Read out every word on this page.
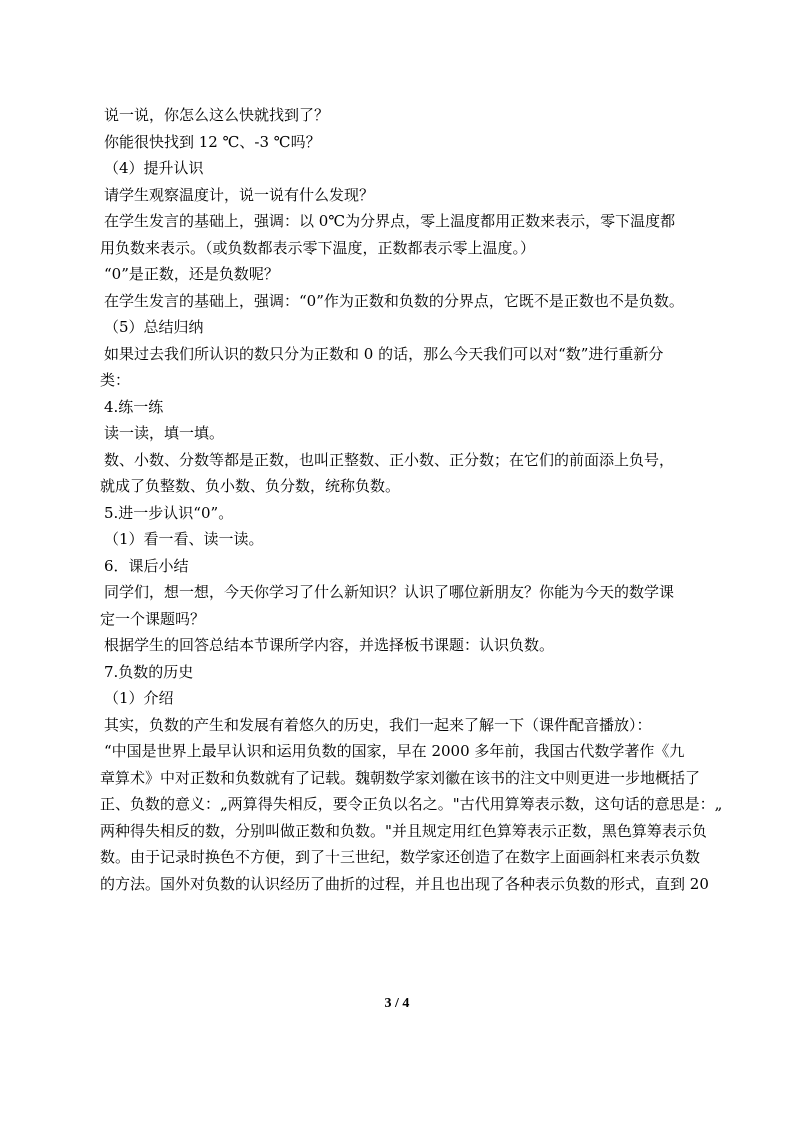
说一说，你怎么这么快就找到了？

你能很快找到 12 ℃、-3 ℃吗？

（4）提升认识

请学生观察温度计，说一说有什么发现？

在学生发言的基础上，强调：以 0℃为分界点，零上温度都用正数来表示，零下温度都

用负数来表示。（或负数都表示零下温度，正数都表示零上温度。）

“0”是正数，还是负数呢？

在学生发言的基础上，强调：“0”作为正数和负数的分界点，它既不是正数也不是负数。

（5）总结归纳

如果过去我们所认识的数只分为正数和 0 的话，那么今天我们可以对“数”进行重新分

类：

4.练一练

读一读，填一填。

数、小数、分数等都是正数，也叫正整数、正小数、正分数；在它们的前面添上负号，

就成了负整数、负小数、负分数，统称负数。

5.进一步认识“0”。

（1）看一看、读一读。

6．课后小结

同学们，想一想，今天你学习了什么新知识？认识了哪位新朋友？你能为今天的数学课

定一个课题吗？

根据学生的回答总结本节课所学内容，并选择板书课题：认识负数。

7.负数的历史

（1）介绍

其实，负数的产生和发展有着悠久的历史，我们一起来了解一下（课件配音播放）：

“中国是世界上最早认识和运用负数的国家，早在 2000 多年前，我国古代数学著作《九

章算术》中对正数和负数就有了记载。魏朝数学家刘徽在该书的注文中则更进一步地概括了

正、负数的意义：„两算得失相反，要令正负以名之。"古代用算筹表示数，这句话的意思是：„

两种得失相反的数，分别叫做正数和负数。"并且规定用红色算筹表示正数，黑色算筹表示负

数。由于记录时换色不方便，到了十三世纪，数学家还创造了在数字上面画斜杠来表示负数

的方法。国外对负数的认识经历了曲折的过程，并且也出现了各种表示负数的形式，直到 20

3 / 4
